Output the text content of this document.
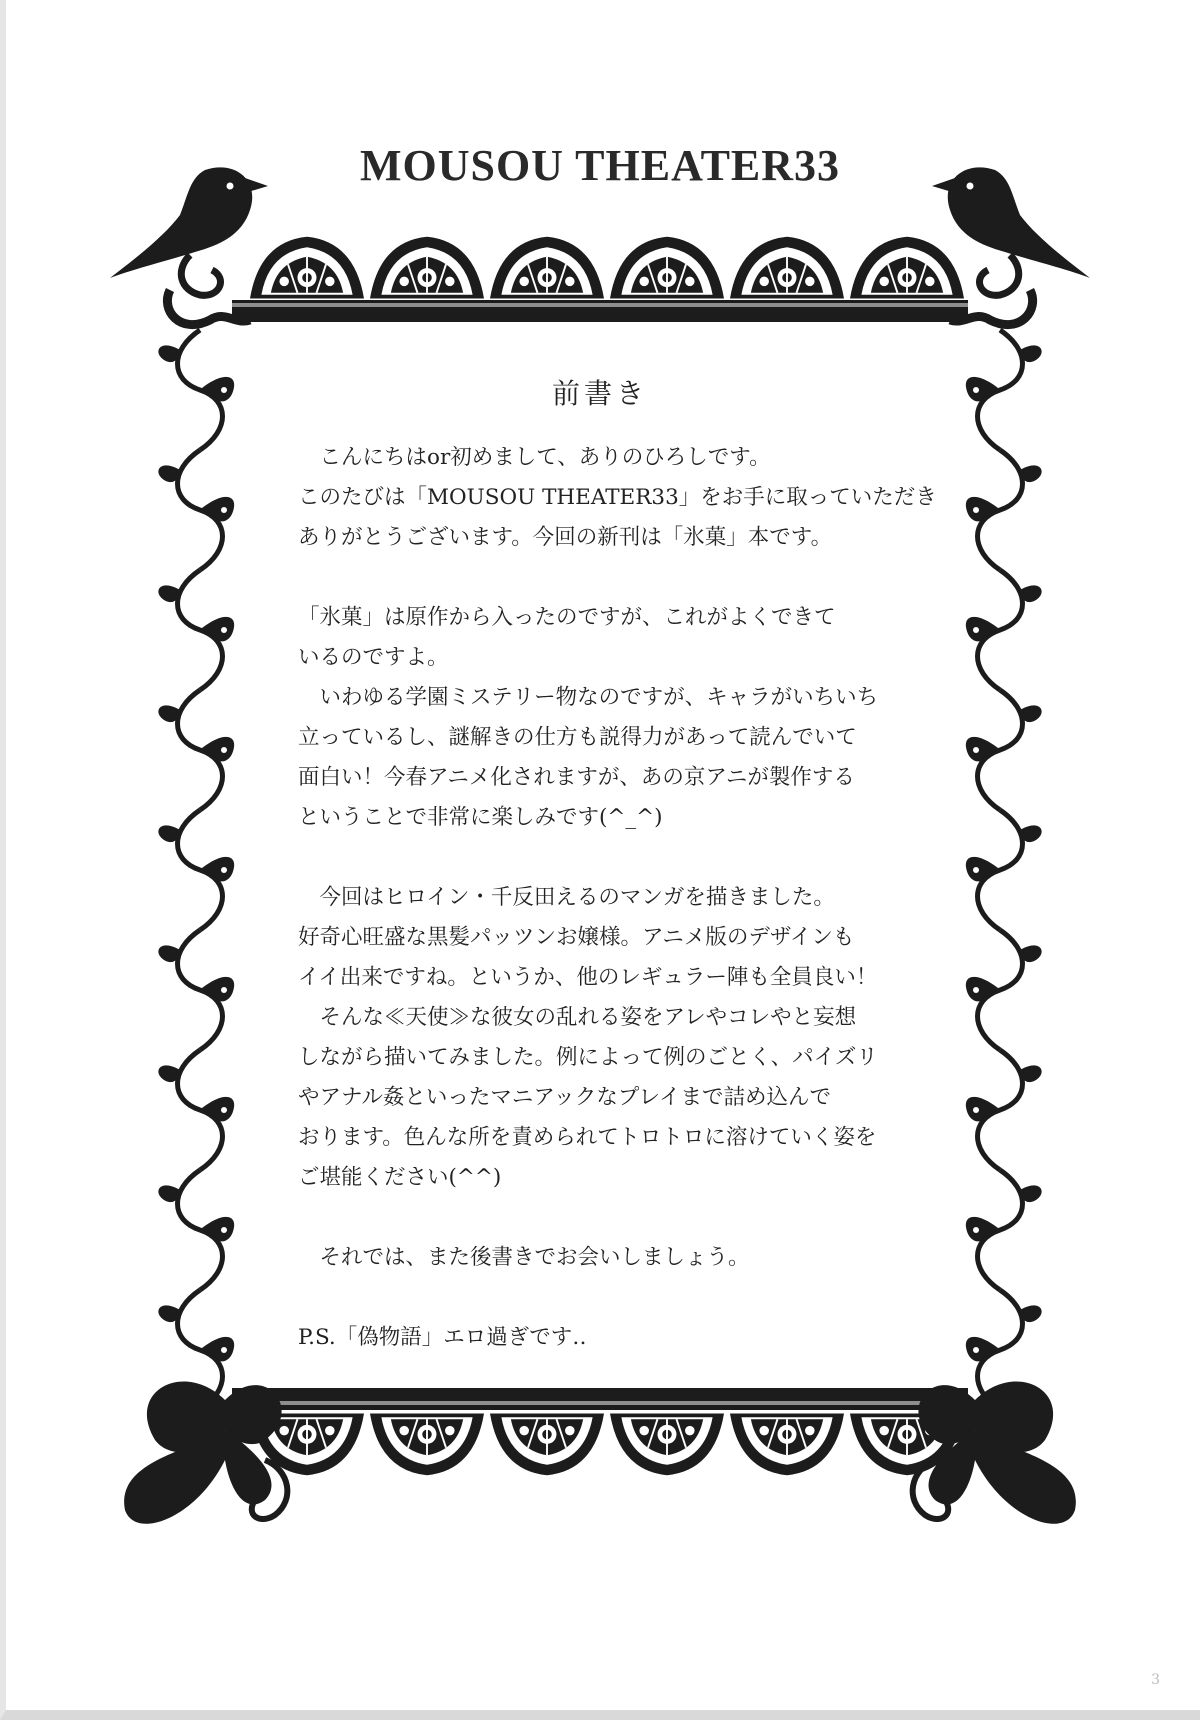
MOUSOU THEATER33
前書き
　こんにちはor初めまして、ありのひろしです。
このたびは「MOUSOU THEATER33」をお手に取っていただき
ありがとうございます。今回の新刊は「氷菓」本です。
「氷菓」は原作から入ったのですが、これがよくできて
いるのですよ。
　いわゆる学園ミステリー物なのですが、キャラがいちいち
立っているし、謎解きの仕方も説得力があって読んでいて
面白い！今春アニメ化されますが、あの京アニが製作する
ということで非常に楽しみです(^_^)
　今回はヒロイン・千反田えるのマンガを描きました。
好奇心旺盛な黒髪パッツンお嬢様。アニメ版のデザインも
イイ出来ですね。というか、他のレギュラー陣も全員良い！
　そんな≪天使≫な彼女の乱れる姿をアレやコレやと妄想
しながら描いてみました。例によって例のごとく、パイズリ
やアナル姦といったマニアックなプレイまで詰め込んで
おります。色んな所を責められてトロトロに溶けていく姿を
ご堪能ください(^^)
　それでは、また後書きでお会いしましょう。
P.S.「偽物語」エロ過ぎです‥
3
